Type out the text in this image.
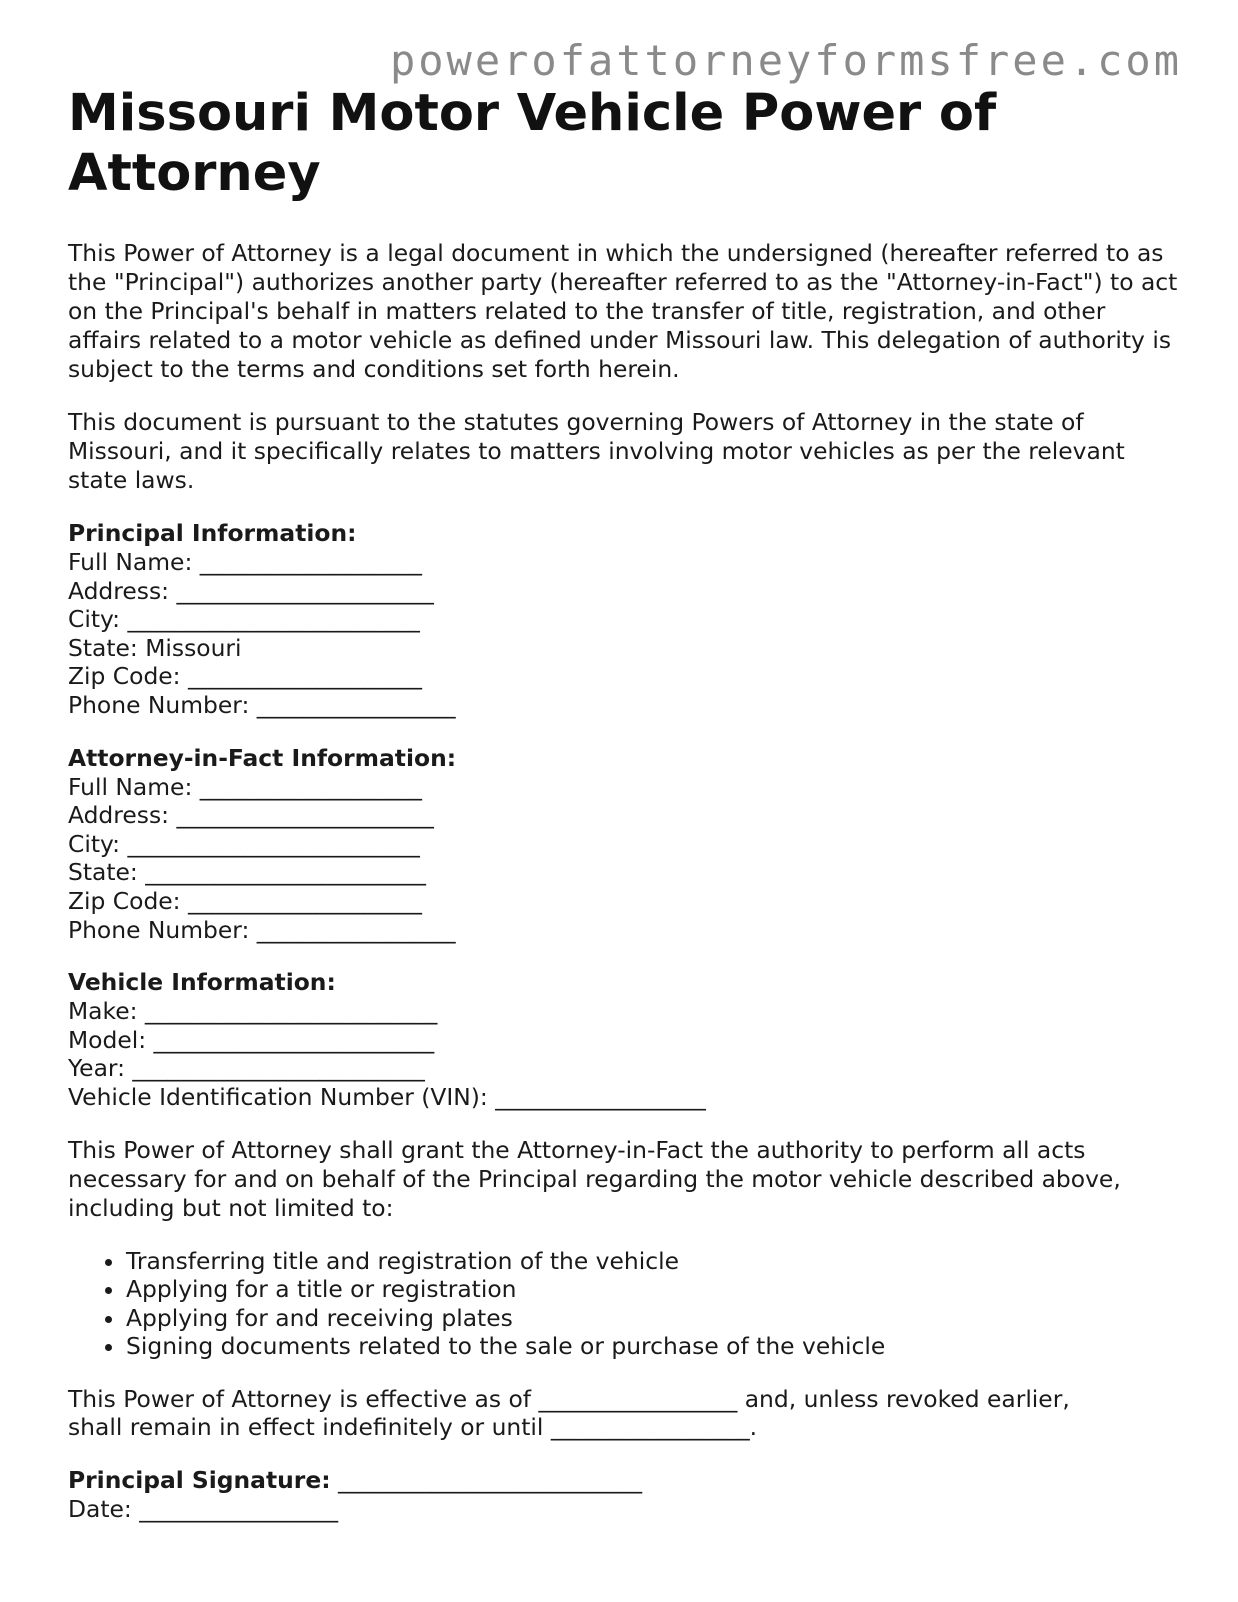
powerofattorneyformsfree.com
Missouri Motor Vehicle Power of Attorney

This Power of Attorney is a legal document in which the undersigned (hereafter referred to as the "Principal") authorizes another party (hereafter referred to as the "Attorney-in-Fact") to act on the Principal's behalf in matters related to the transfer of title, registration, and other affairs related to a motor vehicle as defined under Missouri law. This delegation of authority is subject to the terms and conditions set forth herein.

This document is pursuant to the statutes governing Powers of Attorney in the state of Missouri, and it specifically relates to matters involving motor vehicles as per the relevant state laws.

Principal Information:
Full Name: ___________________
Address: ______________________
City: _________________________
State: Missouri
Zip Code: ____________________
Phone Number: _________________
Attorney-in-Fact Information:
Full Name: ___________________
Address: ______________________
City: _________________________
State: ________________________
Zip Code: ____________________
Phone Number: _________________
Vehicle Information:
Make: _________________________
Model: ________________________
Year: _________________________
Vehicle Identification Number (VIN): __________________

This Power of Attorney shall grant the Attorney-in-Fact the authority to perform all acts necessary for and on behalf of the Principal regarding the motor vehicle described above, including but not limited to:

• Transferring title and registration of the vehicle
• Applying for a title or registration
• Applying for and receiving plates
• Signing documents related to the sale or purchase of the vehicle
This Power of Attorney is effective as of _________________ and, unless revoked earlier,
shall remain in effect indefinitely or until _________________.
Principal Signature: __________________________
Date: _________________
